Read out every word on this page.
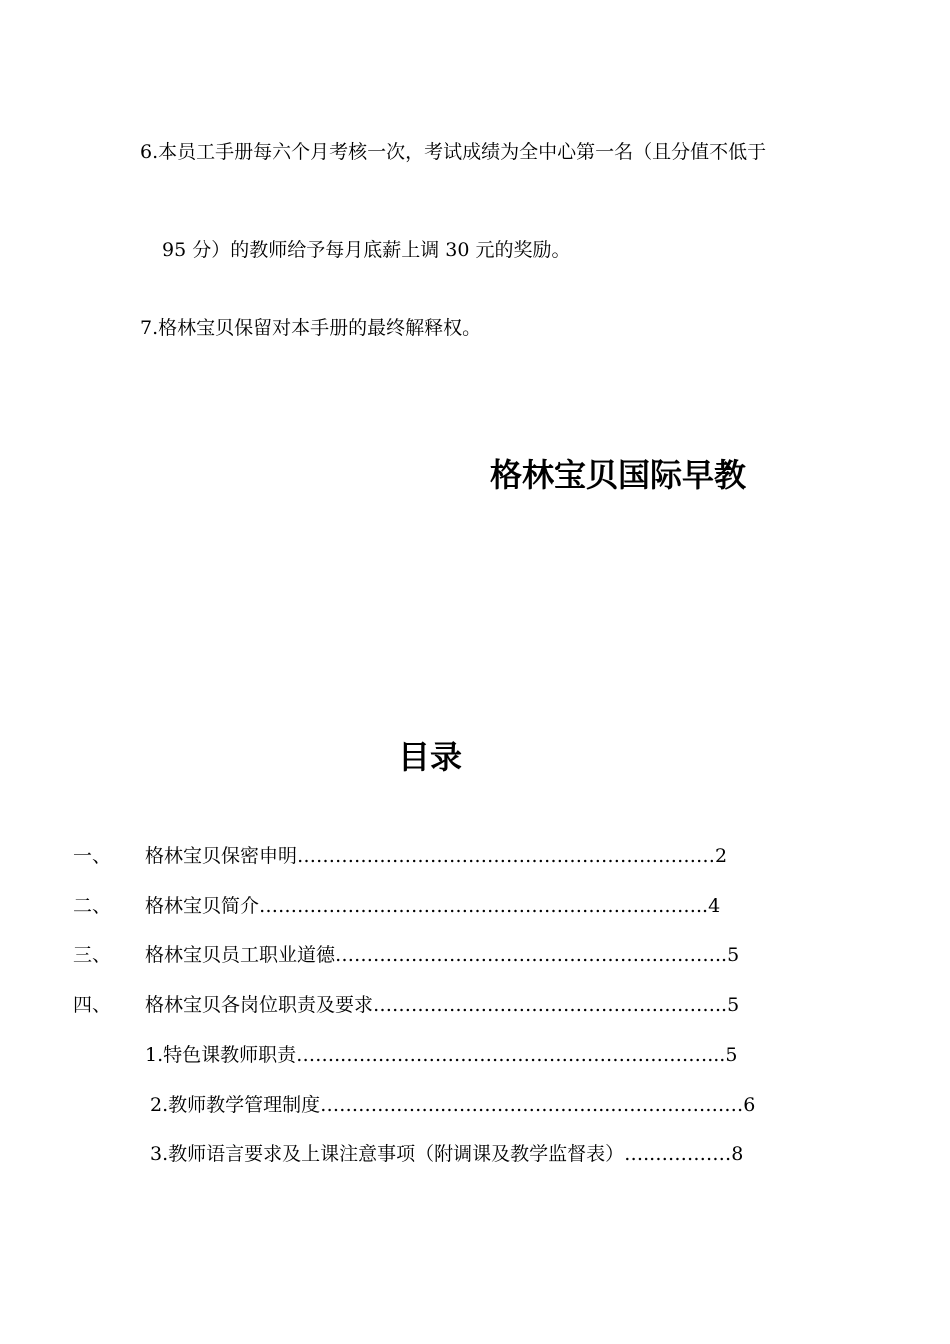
6.本员工手册每六个月考核一次，考试成绩为全中心第一名（且分值不低于
95 分）的教师给予每月底薪上调 30 元的奖励。
7.格林宝贝保留对本手册的最终解释权。
格林宝贝国际早教
目录
一、 格林宝贝保密申明…………………………………………………………2
二、 格林宝贝简介……………………………………………………………..4
三、 格林宝贝员工职业道德……………………………………………………..5
四、 格林宝贝各岗位职责及要求………………………………………………..5
1.特色课教师职责……..…………………………………………………...5
2.教师教学管理制度………………..……………………..…………………6
3.教师语言要求及上课注意事项（附调课及教学监督表）…..…………8
